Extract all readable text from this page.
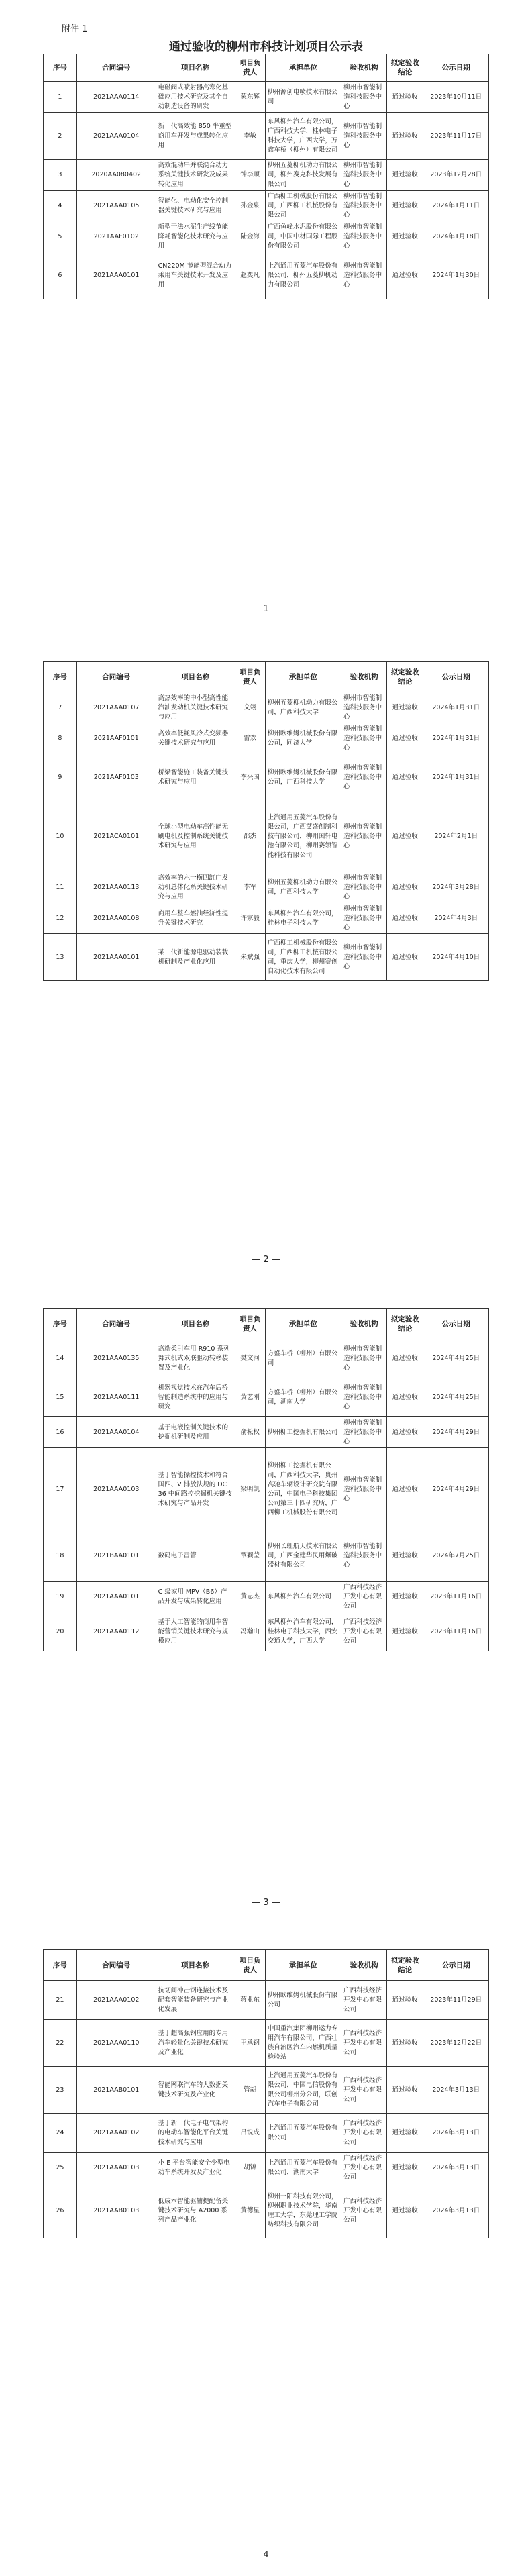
附件 1
通过验收的柳州市科技计划项目公示表
序号	合同编号	项目名称	项目负责人	承担单位	验收机构	拟定验收结论	公示日期
1	2021AAA0114	电磁阀式喷射器高寒化基础应用技术研究及其全自动制造设备的研发	蒙东辉	柳州源创电喷技术有限公司	柳州市智能制造科技服务中心	通过验收	2023年10月11日
2	2021AAA0104	新一代高效能 850 牛重型商用车开发与成果转化应用	李敏	东风柳州汽车有限公司，广西科技大学，桂林电子科技大学，广西大学，万鑫车桥（柳州）有限公司	柳州市智能制造科技服务中心	通过验收	2023年11月17日
3	2020AA080402	高效混动串并联混合动力系统关键技术研发及成果转化应用	钟李顺	柳州五菱柳机动力有限公司，柳州赛克科技发展有限公司	柳州市智能制造科技服务中心	通过验收	2023年12月28日
4	2021AAA0105	智能化、电动化安全控制器关键技术研究与应用	孙金泉	广西柳工机械股份有限公司，广西柳工机械股份有限公司	柳州市智能制造科技服务中心	通过验收	2024年1月11日
5	2021AAF0102	新型干法水泥生产线节能降耗智能化技术研究与应用	陆金海	广西鱼峰水泥股份有限公司，中国中材国际工程股份有限公司	柳州市智能制造科技服务中心	通过验收	2024年1月18日
6	2021AAA0101	CN220M 节能型混合动力乘用车关键技术开发及应用	赵奕凡	上汽通用五菱汽车股份有限公司，柳州五菱柳机动力有限公司	柳州市智能制造科技服务中心	通过验收	2024年1月30日
— 1 —
序号	合同编号	项目名称	项目负责人	承担单位	验收机构	拟定验收结论	公示日期
7	2021AAA0107	高热效率的中小型高性能汽油发动机关键技术研究与应用	文翊	柳州五菱柳机动力有限公司，广西科技大学	柳州市智能制造科技服务中心	通过验收	2024年1月31日
8	2021AAF0101	高效率低耗风冷式变频器关键技术研究与应用	雷欢	柳州欧维姆机械股份有限公司，同济大学	柳州市智能制造科技服务中心	通过验收	2024年1月31日
9	2021AAF0103	桥梁智能施工装备关键技术研究与应用	李兴国	柳州欧维姆机械股份有限公司，广西科技大学	柳州市智能制造科技服务中心	通过验收	2024年1月31日
10	2021ACA0101	全球小型电动车高性能无刷电机及控制系统关键技术研究与应用	邵杰	上汽通用五菱汽车股份有限公司，广西艾盛创制科技有限公司，柳州国轩电池有限公司，柳州赛领智能科技有限公司	柳州市智能制造科技服务中心	通过验收	2024年2月1日
11	2021AAA0113	高效率的六一横四缸广发动机总体化系关键技术研究与应用	李军	柳州五菱柳机动力有限公司，广西科技大学	柳州市智能制造科技服务中心	通过验收	2024年3月28日
12	2021AAA0108	商用车整车燃油经济性提升关键技术研究	许家毅	东风柳州汽车有限公司，桂林电子科技大学	柳州市智能制造科技服务中心	通过验收	2024年4月3日
13	2021AAA0101	某一代新能源电驱动装载机研制及产业化应用	朱斌强	广西柳工机械股份有限公司，广西柳工机械有限公司，重庆大学，柳州赛创自动化技术有限公司	柳州市智能制造科技服务中心	通过验收	2024年4月10日
— 2 —
序号	合同编号	项目名称	项目负责人	承担单位	验收机构	拟定验收结论	公示日期
14	2021AAA0135	高端柔引车用 R910 系列舞式机式双联驱动转移装置及产业化	樊文河	方盛车桥（柳州）有限公司	柳州市智能制造科技服务中心	通过验收	2024年4月25日
15	2021AAA0111	机器视觉技术在汽车后桥智能制造系统中的应用与研究	黄艺刚	方盛车桥（柳州）有限公司，湖南大学	柳州市智能制造科技服务中心	通过验收	2024年4月25日
16	2021AAA0104	基于电液控制关键技术的挖掘机研制及应用	俞松权	柳州柳工挖掘机有限公司	柳州市智能制造科技服务中心	通过验收	2024年4月29日
17	2021AAA0103	基于智能操控技术和符合国四、V 排放法规的 DC 36 中间路控挖掘机关键技术研究与产品开发	梁明凯	柳州柳工挖掘机有限公司，广西科技大学，贵州高驰车辆设计研究院有限公司，中国电子科技集团公司第三十四研究所，广西柳工机械股份有限公司	柳州市智能制造科技服务中心	通过验收	2024年4月29日
18	2021BAA0101	数码电子雷管	覃颖莹	柳州长虹航天技术有限公司，广西金建华民用爆破器材有限公司	柳州市智能制造科技服务中心	通过验收	2024年7月25日
19	2021AAA0101	C 级家用 MPV（B6）产品开发与成果转化应用	黄志杰	东风柳州汽车有限公司	广西科技经济开发中心有限公司	通过验收	2023年11月16日
20	2021AAA0112	基于人工智能的商用车智能营销关键技术研究与规模应用	冯瀚山	东风柳州汽车有限公司，桂林电子科技大学，西安交通大学，广西大学	广西科技经济开发中心有限公司	通过验收	2023年11月16日
— 3 —
序号	合同编号	项目名称	项目负责人	承担单位	验收机构	拟定验收结论	公示日期
21	2021AAA0102	抗韧间冲击钢连接技术及配套智能装备研究与产业化发展	蒋业东	柳州欧维姆机械股份有限公司	广西科技经济开发中心有限公司	通过验收	2023年11月29日
22	2021AAA0110	基于超高强钢应用的专用汽车轻量化关键技术研究及产业化	王承钢	中国重汽集团柳州运力专用汽车有限公司，广西壮族自治区汽车内燃机质量检验站	广西科技经济开发中心有限公司	通过验收	2023年12月22日
23	2021AAB0101	智能网联汽车的大数据关键技术研究及产业化	管胡	上汽通用五菱汽车股份有限公司，中国电信股份有限公司柳州分公司，联创汽车电子有限公司	广西科技经济开发中心有限公司	通过验收	2024年3月13日
24	2021AAA0102	基于新一代电子电气架构的电动车智能化平台关键技术研究与应用	吕锐成	上汽通用五菱汽车股份有限公司	广西科技经济开发中心有限公司	通过验收	2024年3月13日
25	2021AAA0103	小 E 平台智能安全少型电动车系统开发及产业化	胡锦	上汽通用五菱汽车股份有限公司，湖南大学	广西科技经济开发中心有限公司	通过验收	2024年3月13日
26	2021AAB0103	低成本智能驱辅提配备关键技术研究与 A2000 系列产品产业化	黄德星	柳州一阳科技有限公司，柳州职业技术学院，华南理工大学，东莞理工学院纺织科技有限公司	广西科技经济开发中心有限公司	通过验收	2024年3月13日
— 4 —
